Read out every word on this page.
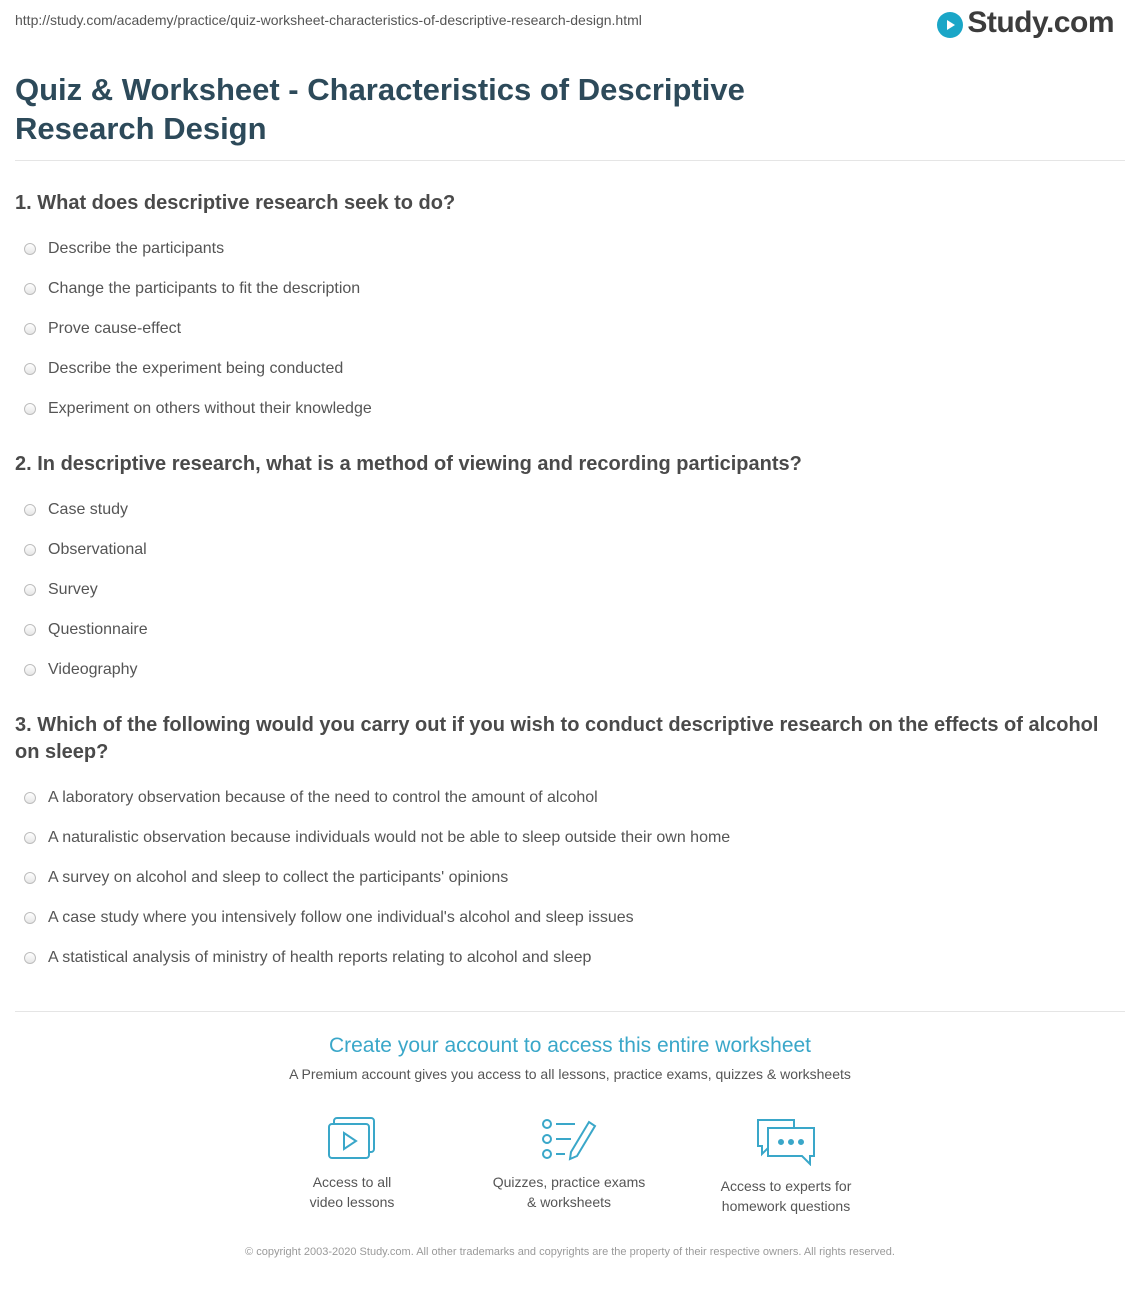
http://study.com/academy/practice/quiz-worksheet-characteristics-of-descriptive-research-design.html	Study.com
Quiz & Worksheet - Characteristics of Descriptive Research Design

1. What does descriptive research seek to do?

Describe the participants
Change the participants to fit the description
Prove cause-effect
Describe the experiment being conducted
Experiment on others without their knowledge

2. In descriptive research, what is a method of viewing and recording participants?

Case study
Observational
Survey
Questionnaire
Videography

3. Which of the following would you carry out if you wish to conduct descriptive research on the effects of alcohol on sleep?

A laboratory observation because of the need to control the amount of alcohol
A naturalistic observation because individuals would not be able to sleep outside their own home
A survey on alcohol and sleep to collect the participants' opinions
A case study where you intensively follow one individual's alcohol and sleep issues
A statistical analysis of ministry of health reports relating to alcohol and sleep

Create your account to access this entire worksheet

A Premium account gives you access to all lessons, practice exams, quizzes & worksheets
Access to all
video lessons
Quizzes, practice exams
& worksheets
Access to experts for
homework questions
© copyright 2003-2020 Study.com. All other trademarks and copyrights are the property of their respective owners. All rights reserved.
